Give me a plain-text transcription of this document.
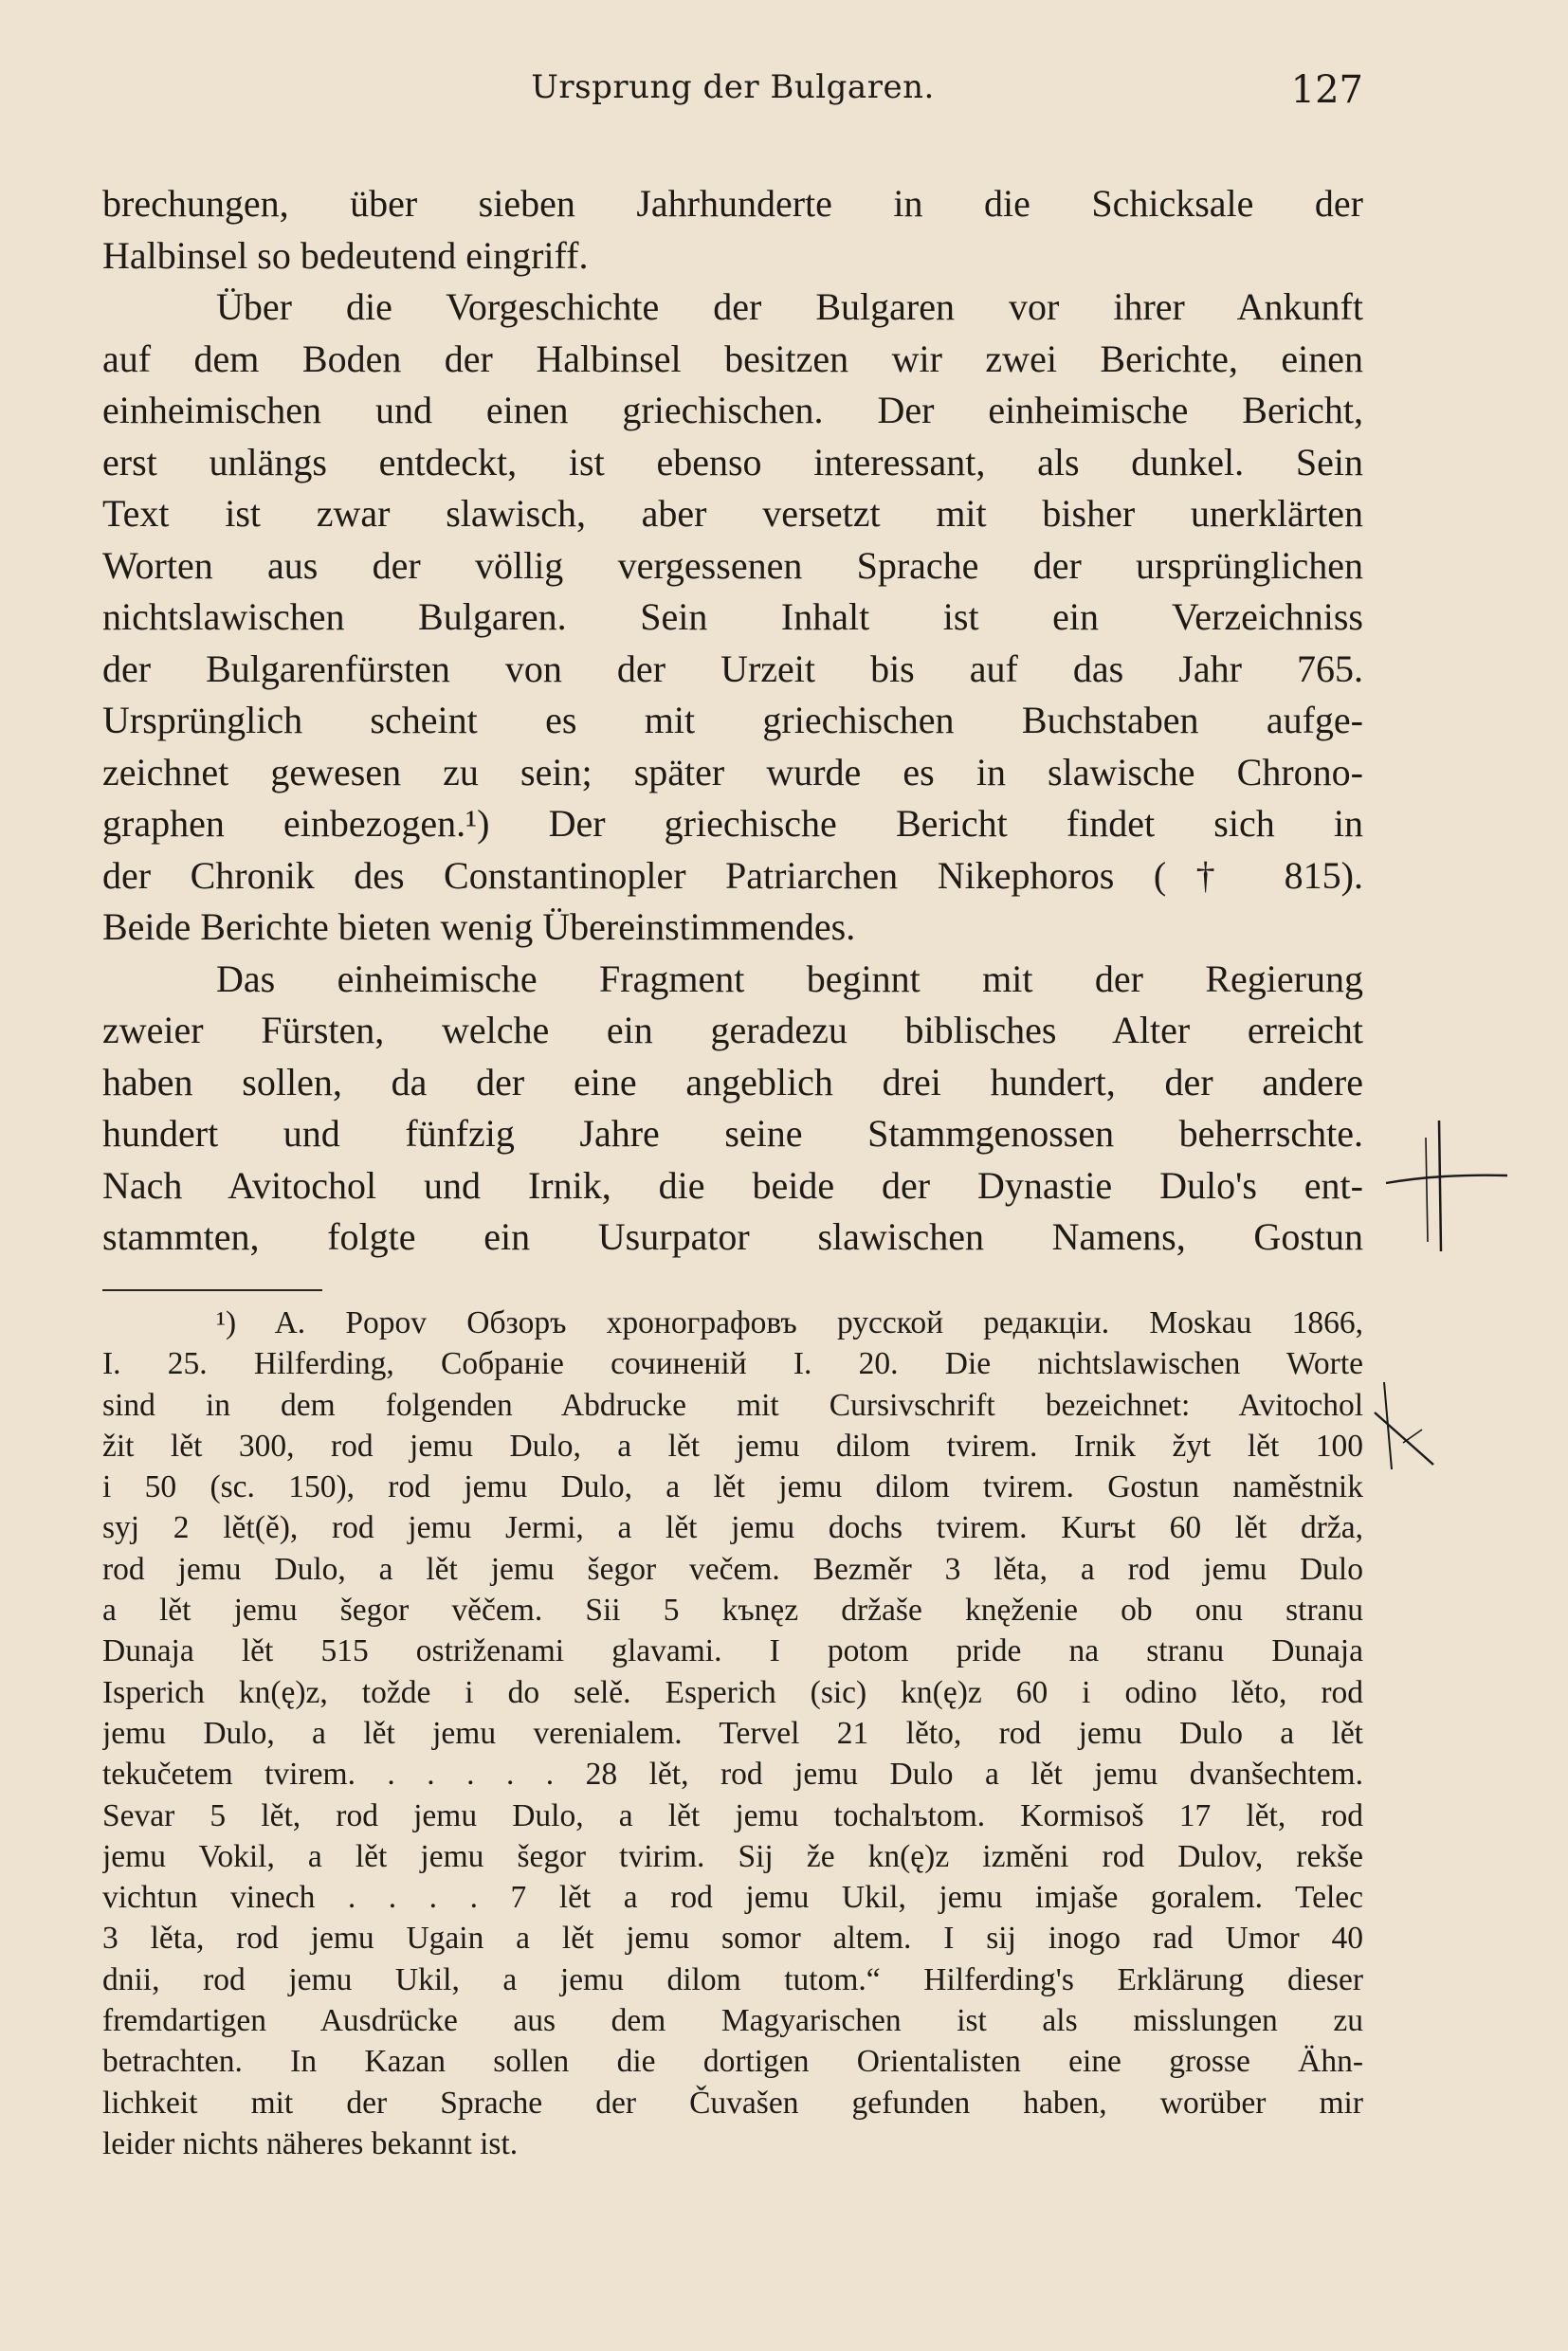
Ursprung der Bulgaren.	127
brechungen, über sieben Jahrhunderte in die Schicksale der
Halbinsel so bedeutend eingriff.
Über die Vorgeschichte der Bulgaren vor ihrer Ankunft
auf dem Boden der Halbinsel besitzen wir zwei Berichte, einen
einheimischen und einen griechischen. Der einheimische Bericht,
erst unlängs entdeckt, ist ebenso interessant, als dunkel. Sein
Text ist zwar slawisch, aber versetzt mit bisher unerklärten
Worten aus der völlig vergessenen Sprache der ursprünglichen
nichtslawischen Bulgaren. Sein Inhalt ist ein Verzeichniss
der Bulgarenfürsten von der Urzeit bis auf das Jahr 765.
Ursprünglich scheint es mit griechischen Buchstaben aufge-
zeichnet gewesen zu sein; später wurde es in slawische Chrono-
graphen einbezogen.¹) Der griechische Bericht findet sich in
der Chronik des Constantinopler Patriarchen Nikephoros († 815).
Beide Berichte bieten wenig Übereinstimmendes.
Das einheimische Fragment beginnt mit der Regierung
zweier Fürsten, welche ein geradezu biblisches Alter erreicht
haben sollen, da der eine angeblich drei hundert, der andere
hundert und fünfzig Jahre seine Stammgenossen beherrschte.
Nach Avitochol und Irnik, die beide der Dynastie Dulo's ent-
stammten, folgte ein Usurpator slawischen Namens, Gostun
¹) A. Popov Обзоръ хронографовъ русской редакціи. Moskau 1866,
I. 25. Hilferding, Собраніе сочиненій I. 20. Die nichtslawischen Worte
sind in dem folgenden Abdrucke mit Cursivschrift bezeichnet: Avitochol
žit lět 300, rod jemu Dulo, a lět jemu dilom tvirem. Irnik žyt lět 100
i 50 (sc. 150), rod jemu Dulo, a lět jemu dilom tvirem. Gostun naměstnik
syj 2 lět(ě), rod jemu Jermi, a lět jemu dochs tvirem. Kurъt 60 lět drža,
rod jemu Dulo, a lět jemu šegor večem. Bezměr 3 lěta, a rod jemu Dulo
a lět jemu šegor věčem. Sii 5 kъnęz držaše knęženie ob onu stranu
Dunaja lět 515 ostriženami glavami. I potom pride na stranu Dunaja
Isperich kn(ę)z, tožde i do selě. Esperich (sic) kn(ę)z 60 i odino lěto, rod
jemu Dulo, a lět jemu verenialem. Tervel 21 lěto, rod jemu Dulo a lět
tekučetem tvirem. . . . . . 28 lět, rod jemu Dulo a lět jemu dvanšechtem.
Sevar 5 lět, rod jemu Dulo, a lět jemu tochalъtom. Kormisoš 17 lět, rod
jemu Vokil, a lět jemu šegor tvirim. Sij že kn(ę)z izměni rod Dulov, rekše
vichtun vinech . . . . 7 lět a rod jemu Ukil, jemu imjaše goralem. Telec
3 lěta, rod jemu Ugain a lět jemu somor altem. I sij inogo rad Umor 40
dnii, rod jemu Ukil, a jemu dilom tutom.“ Hilferding's Erklärung dieser
fremdartigen Ausdrücke aus dem Magyarischen ist als misslungen zu
betrachten. In Kazan sollen die dortigen Orientalisten eine grosse Ähn-
lichkeit mit der Sprache der Čuvašen gefunden haben, worüber mir
leider nichts näheres bekannt ist.
